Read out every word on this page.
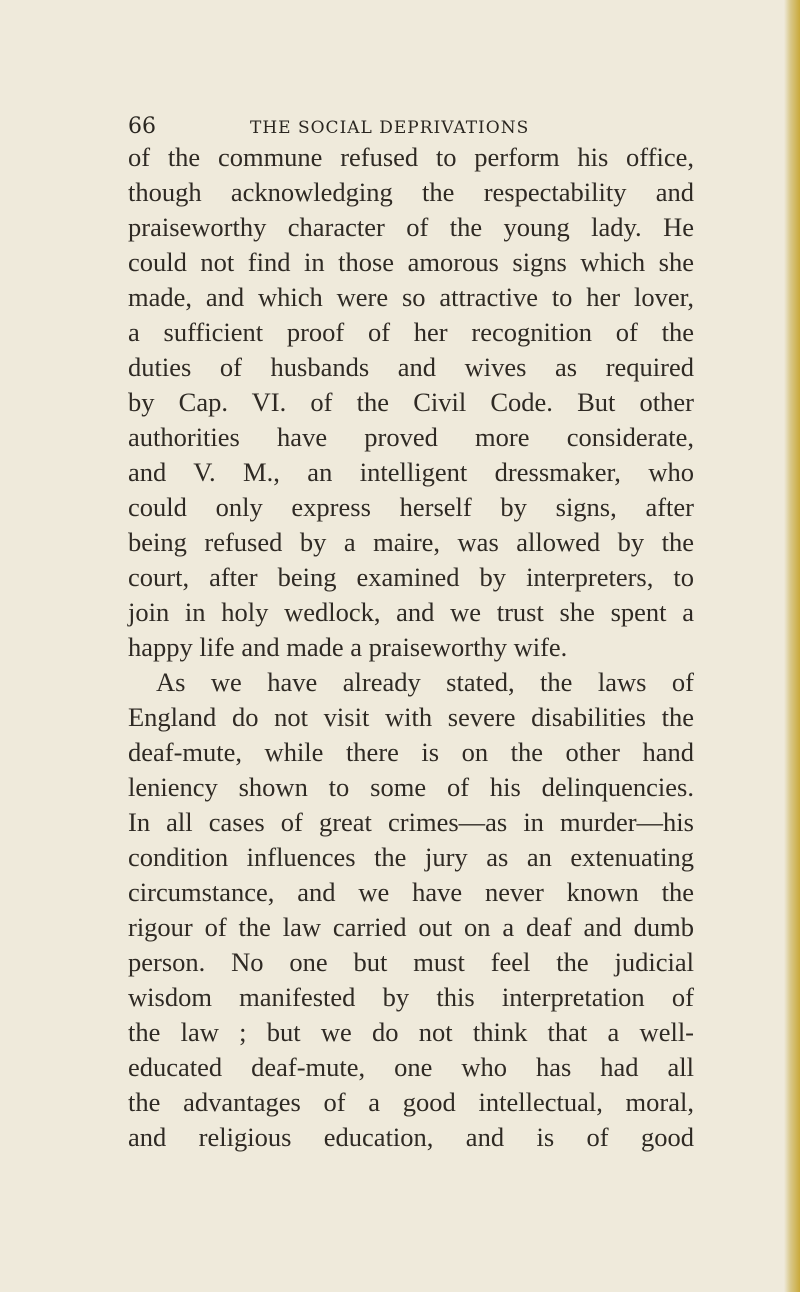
66	THE SOCIAL DEPRIVATIONS
of the commune refused to perform his office,
though acknowledging the respectability and
praiseworthy character of the young lady. He
could not find in those amorous signs which she
made, and which were so attractive to her lover,
a sufficient proof of her recognition of the
duties of husbands and wives as required
by Cap. VI. of the Civil Code. But other
authorities have proved more considerate,
and V. M., an intelligent dressmaker, who
could only express herself by signs, after
being refused by a maire, was allowed by the
court, after being examined by interpreters, to
join in holy wedlock, and we trust she spent a
happy life and made a praiseworthy wife.
As we have already stated, the laws of
England do not visit with severe disabilities the
deaf-mute, while there is on the other hand
leniency shown to some of his delinquencies.
In all cases of great crimes—as in murder—his
condition influences the jury as an extenuating
circumstance, and we have never known the
rigour of the law carried out on a deaf and dumb
person. No one but must feel the judicial
wisdom manifested by this interpretation of
the law ; but we do not think that a well-
educated deaf-mute, one who has had all
the advantages of a good intellectual, moral,
and religious education, and is of good
